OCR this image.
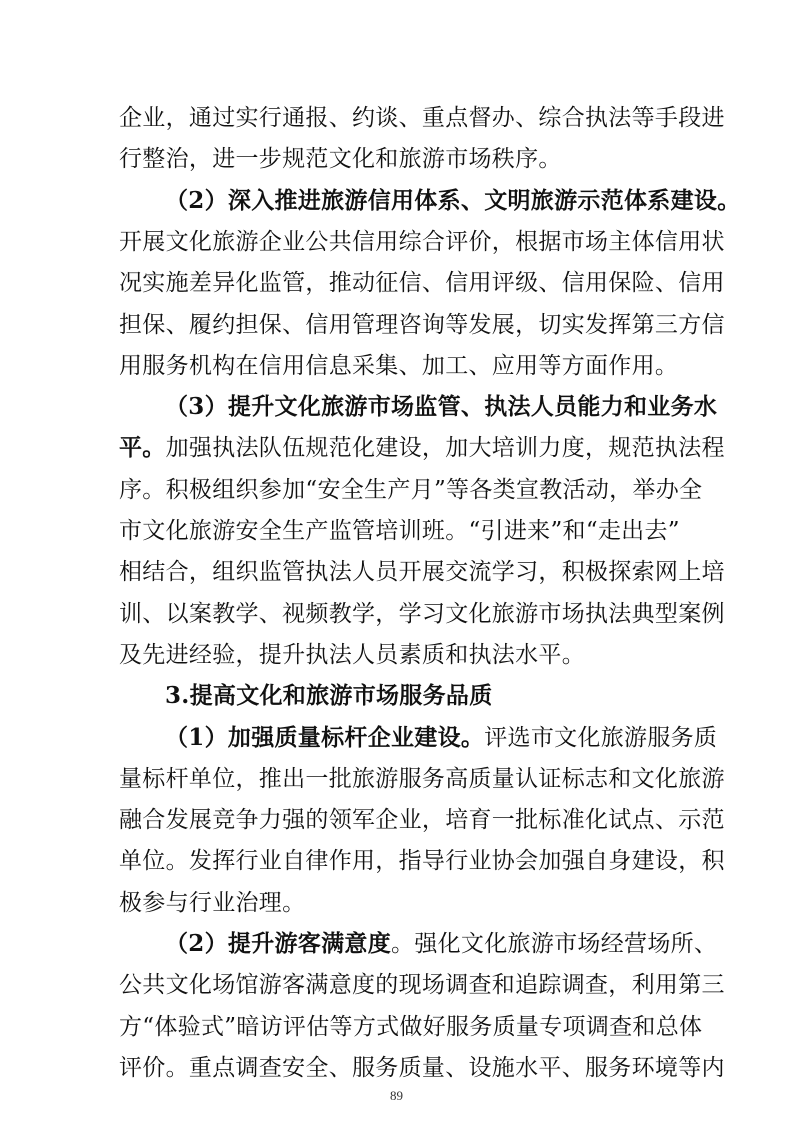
企业，通过实行通报、约谈、重点督办、综合执法等手段进
行整治，进一步规范文化和旅游市场秩序。
（2）深入推进旅游信用体系、文明旅游示范体系建设。
开展文化旅游企业公共信用综合评价，根据市场主体信用状
况实施差异化监管，推动征信、信用评级、信用保险、信用
担保、履约担保、信用管理咨询等发展，切实发挥第三方信
用服务机构在信用信息采集、加工、应用等方面作用。
（3）提升文化旅游市场监管、执法人员能力和业务水
平。加强执法队伍规范化建设，加大培训力度，规范执法程
序。积极组织参加“安全生产月”等各类宣教活动，举办全
市文化旅游安全生产监管培训班。“引进来”和“走出去”
相结合，组织监管执法人员开展交流学习，积极探索网上培
训、以案教学、视频教学，学习文化旅游市场执法典型案例
及先进经验，提升执法人员素质和执法水平。
3.提高文化和旅游市场服务品质
（1）加强质量标杆企业建设。评选市文化旅游服务质
量标杆单位，推出一批旅游服务高质量认证标志和文化旅游
融合发展竞争力强的领军企业，培育一批标准化试点、示范
单位。发挥行业自律作用，指导行业协会加强自身建设，积
极参与行业治理。
（2）提升游客满意度。强化文化旅游市场经营场所、
公共文化场馆游客满意度的现场调查和追踪调查，利用第三
方“体验式”暗访评估等方式做好服务质量专项调查和总体
评价。重点调查安全、服务质量、设施水平、服务环境等内
89
